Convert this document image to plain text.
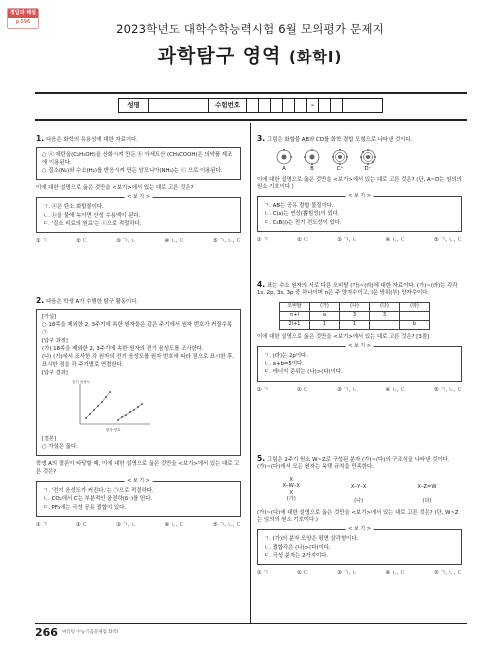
정답과 해설
p.596
2023학년도 대학수학능력시험 6월 모의평가 문제지
과학탐구 영역 (화학Ⅰ)
성명	수험번호	–
1. 다음은 화학의 유용성에 대한 자료이다.

○ ⓐ 에탄올(C₂H₅OH)을 산화시켜 만든 ⓑ 아세트산 (CH₃COOH)은 의약품 제조에 이용된다.

○ 질소(N₂)와 수소(H₂)를 반응시켜 만든 암모니아(NH₃)는 ⓒ 으로 이용된다.

이에 대한 설명으로 옳은 것만을 <보기>에서 있는 대로 고른 것은?

< 보 기 >

ㄱ. ⓐ은 탄소 화합물이다.

ㄴ. ⓑ을 물에 녹이면 산성 수용액이 된다.

ㄷ. '질소 비료의 원료'는 ⓒ으로 적절하다.

① ㄱ	② ㄷ	③ ㄱ, ㄴ	④ ㄴ, ㄷ	⑤ ㄱ, ㄴ, ㄷ
2. 다음은 학생 A가 수행한 탐구 활동이다.

[가설]

○ 18족을 제외한 2, 3주기에 속한 원자들은 같은 주기에서 원자 번호가 커질수록 ㉠

[탐구 과정]

(가) 18족을 제외한 2, 3주기에 속한 원자의 전기 음성도를 조사한다.

(나) (가)에서 조사한 각 원자의 전기 음성도를 원자 번호에 따라 점으로 표시한 후, 표시한 점을 각 주기별로 연결한다.

[탐구 결과]

전기 음성도
원자 번호

[결론]

○ 가설은 옳다.

학생 A의 결론이 타당할 때, 이에 대한 설명으로 옳은 것만을 <보기>에서 있는 대로 고른 것은?

< 보 기 >

ㄱ. '전기 음성도가 커진다.'는 ㉠으로 적절하다.

ㄴ. CO₂에서 C는 부분적인 음전하(δ⁻)를 띤다.

ㄷ. PF₃에는 극성 공유 결합이 있다.

① ㄱ	② ㄷ	③ ㄱ, ㄴ	④ ㄴ, ㄷ	⑤ ㄱ, ㄴ, ㄷ
3. 그림은 화합물 AB와 CD를 화학 결합 모형으로 나타낸 것이다.
A	B	C⁺	D⁻

이에 대한 설명으로 옳은 것만을 <보기>에서 있는 대로 고른 것은? (단, A~D는 임의의 원소 기호이다.)

< 보 기 >

ㄱ. AB는 공유 결합 물질이다.

ㄴ. C(s)는 연성(뽑힘성)이 있다.

ㄷ. C₂B(l)는 전기 전도성이 있다.

① ㄱ	② ㄷ	③ ㄱ, ㄴ	④ ㄴ, ㄷ	⑤ ㄱ, ㄴ, ㄷ
4. 표는 수소 원자의 서로 다른 오비탈 (가)~(라)에 대한 자료이다. (가)~(라)는 각각 1s, 2p, 3s, 3p 중 하나이며 n은 주 양자수이고, l은 방위(부) 양자수이다.
오비탈	(가)	(나)	(다)	(라)
n+l	a	3	3	
2l+1	1	1		b

이에 대한 설명으로 옳은 것만을 <보기>에서 있는 대로 고른 것은? [3점]

< 보 기 >

ㄱ. (라)는 2p이다.

ㄴ. a+b=5이다.

ㄷ. 에너지 준위는 (나)>(다)이다.

① ㄱ	② ㄷ	③ ㄱ, ㄴ	④ ㄴ, ㄷ	⑤ ㄱ, ㄴ, ㄷ
5. 그림은 2주기 원소 W~Z로 구성된 분자 (가)~(다)의 구조식을 나타낸 것이다. (가)~(다)에서 모든 원자는 옥텟 규칙을 만족한다.
X
X–W–X
X
(가)
X–Y–X
(나)
X–Z=W
(다)

(가)~(다)에 대한 설명으로 옳은 것만을 <보기>에서 있는 대로 고른 것은? (단, W~Z는 임의의 원소 기호이다.)

< 보 기 >

ㄱ. (가)의 분자 모양은 평면 삼각형이다.

ㄴ. 결합각은 (나)>(다)이다.

ㄷ. 극성 분자는 2가지이다.

① ㄱ	② ㄷ	③ ㄱ, ㄴ	④ ㄴ, ㄷ	⑤ ㄱ, ㄴ, ㄷ
266 마더텅 수능기출문제집 화학Ⅰ
